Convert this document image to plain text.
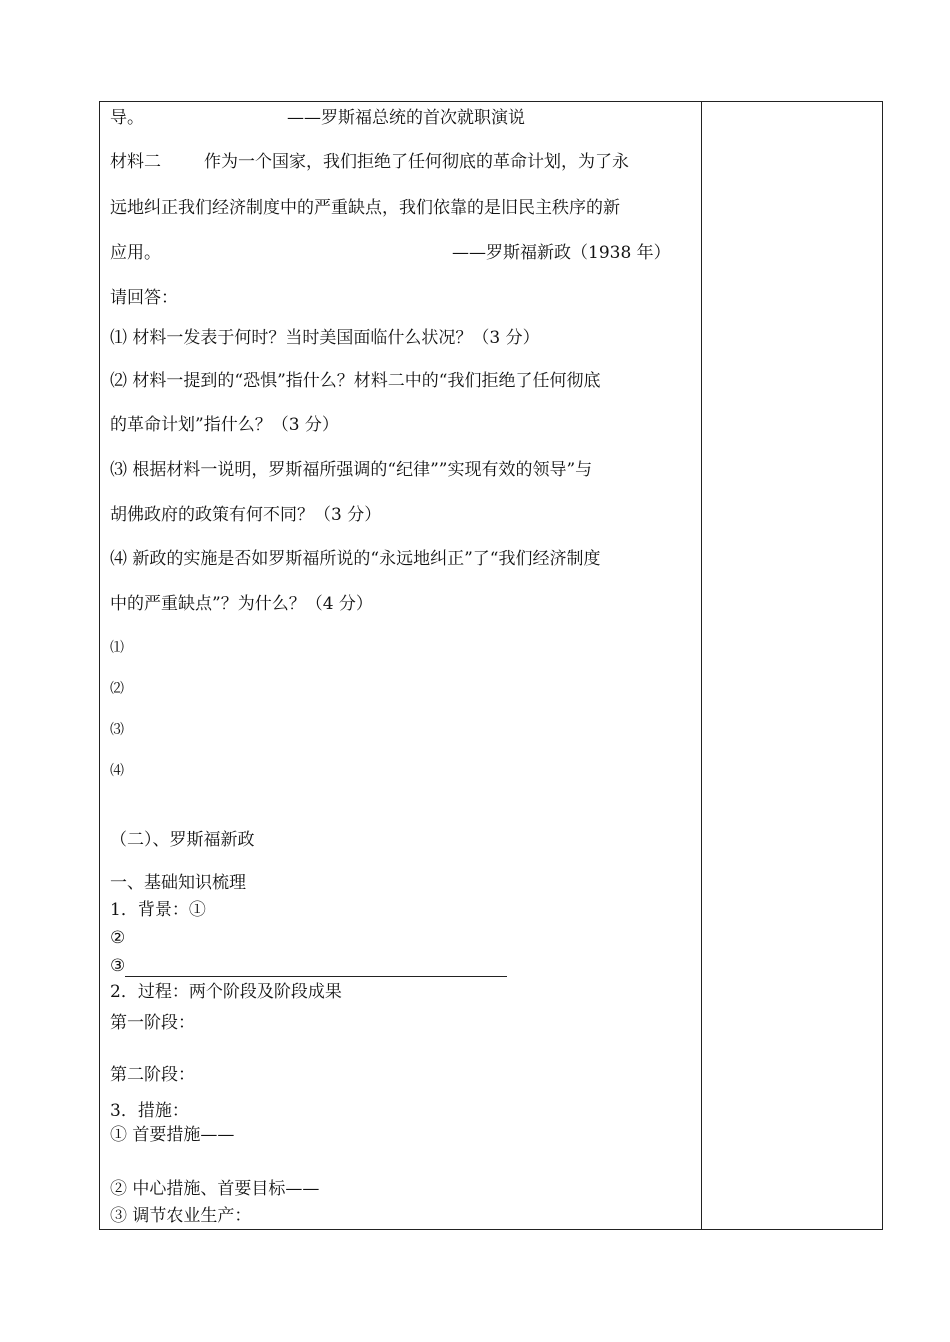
导。	——罗斯福总统的首次就职演说
材料二	作为一个国家，我们拒绝了任何彻底的革命计划，为了永
远地纠正我们经济制度中的严重缺点，我们依靠的是旧民主秩序的新
应用。	——罗斯福新政（1938 年）
请回答：
⑴ 材料一发表于何时？当时美国面临什么状况？（3 分）
⑵ 材料一提到的“恐惧”指什么？材料二中的“我们拒绝了任何彻底
的革命计划”指什么？（3 分）
⑶ 根据材料一说明，罗斯福所强调的“纪律””实现有效的领导”与
胡佛政府的政策有何不同？（3 分）
⑷ 新政的实施是否如罗斯福所说的“永远地纠正”了“我们经济制度
中的严重缺点”？为什么？（4 分）
⑴
⑵
⑶
⑷
（二）、罗斯福新政
一、基础知识梳理
1．背景：①
②
③
2．过程：两个阶段及阶段成果
第一阶段：
第二阶段：
3．措施：
① 首要措施——
② 中心措施、首要目标——
③ 调节农业生产：
